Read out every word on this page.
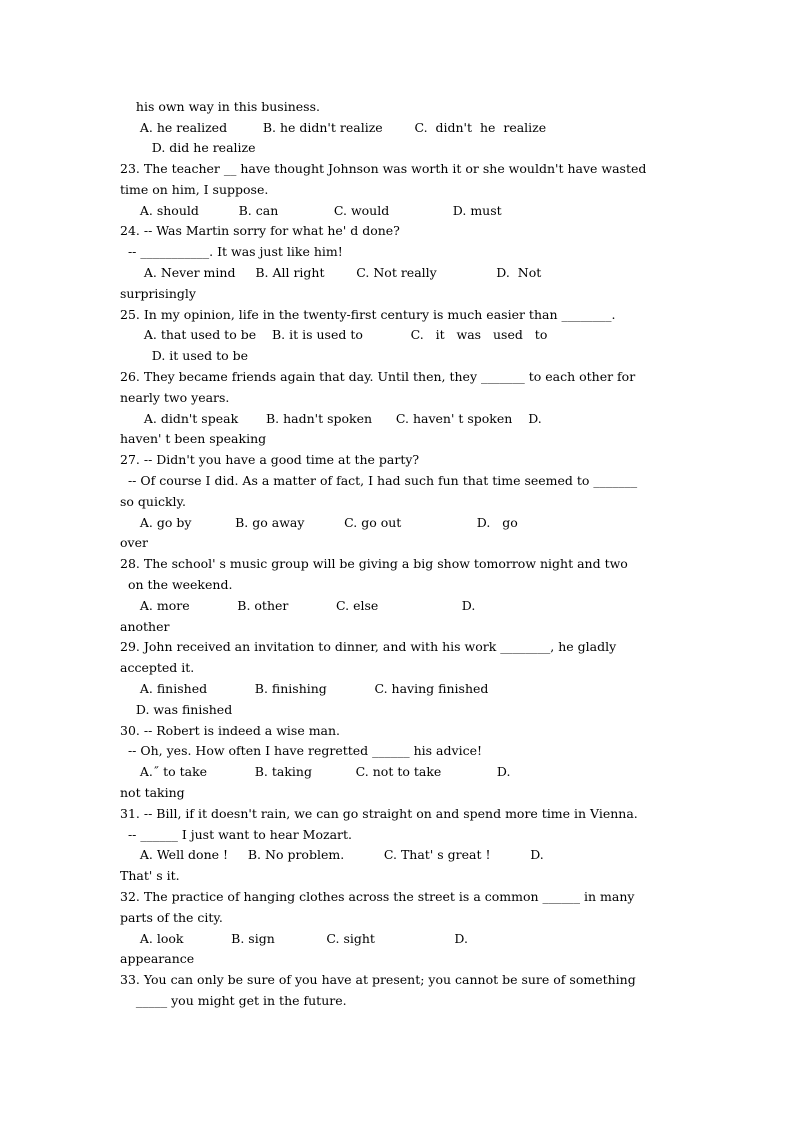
his own way in this business.
A. he realized         B. he didn't realize        C.  didn't  he  realize
D. did he realize
23. The teacher __ have thought Johnson was worth it or she wouldn't have wasted
time on him, I suppose.
A. should          B. can              C. would                D. must
24. -- Was Martin sorry for what he' d done?
-- ___________. It was just like him!
A. Never mind     B. All right        C. Not really               D.  Not
surprisingly
25. In my opinion, life in the twenty-first century is much easier than ________.
A. that used to be    B. it is used to            C.   it   was   used   to
D. it used to be
26. They became friends again that day. Until then, they _______ to each other for
nearly two years.
A. didn't speak       B. hadn't spoken      C. haven' t spoken    D.
haven' t been speaking
27. -- Didn't you have a good time at the party?
-- Of course I did. As a matter of fact, I had such fun that time seemed to _______
so quickly.
A. go by           B. go away          C. go out                   D.   go
over
28. The school' s music group will be giving a big show tomorrow night and two
on the weekend.
A. more            B. other            C. else                     D.
another
29. John received an invitation to dinner, and with his work ________, he gladly
accepted it.
A. finished            B. finishing            C. having finished
D. was finished
30. -- Robert is indeed a wise man.
-- Oh, yes. How often I have regretted ______ his advice!
A.˝ to take            B. taking           C. not to take              D.
not taking
31. -- Bill, if it doesn't rain, we can go straight on and spend more time in Vienna.
-- ______ I just want to hear Mozart.
A. Well done !     B. No problem.          C. That' s great !          D.
That' s it.
32. The practice of hanging clothes across the street is a common ______ in many
parts of the city.
A. look            B. sign             C. sight                    D.
appearance
33. You can only be sure of you have at present; you cannot be sure of something
_____ you might get in the future.
